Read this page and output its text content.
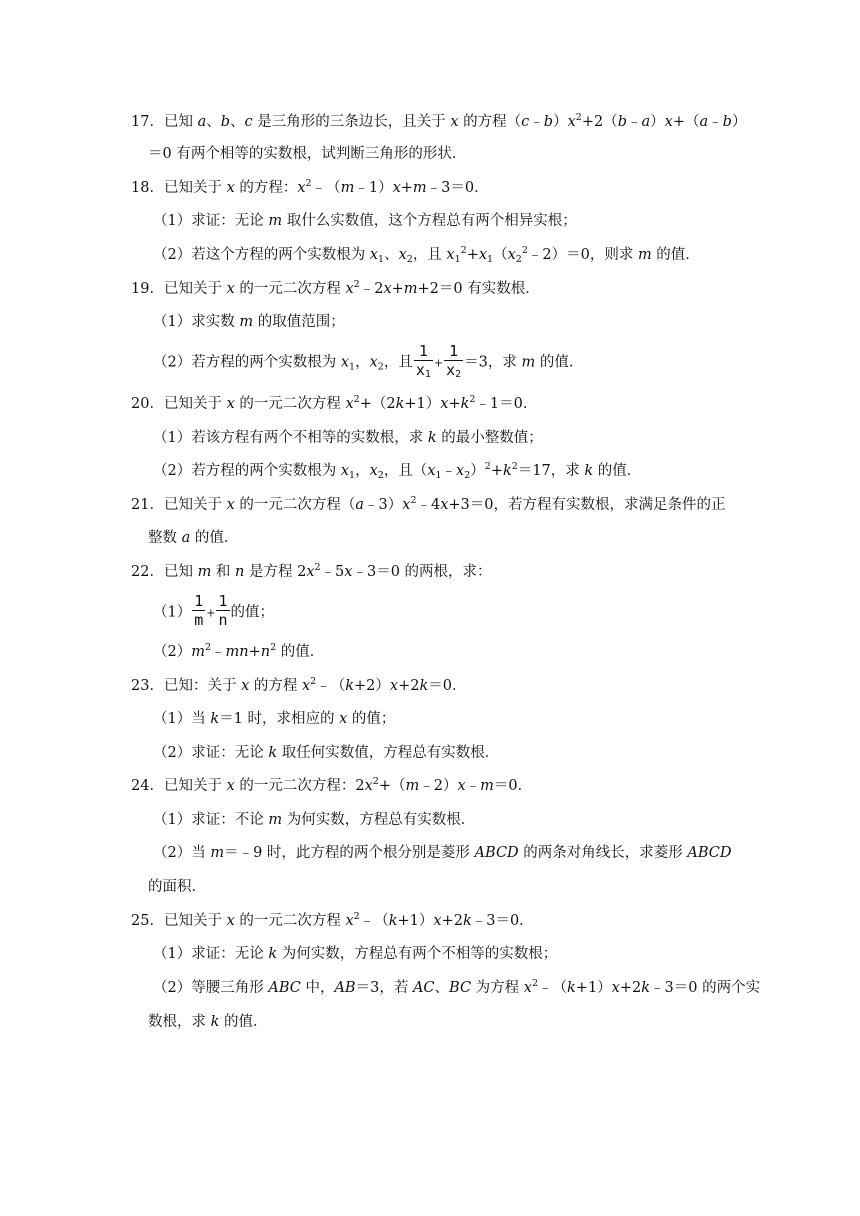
17．已知 a、b、c 是三角形的三条边长，且关于 x 的方程$(c﹣b)x^2+2(b﹣a)x+(a﹣b)$
＝0 有两个相等的实数根，试判断三角形的形状．
18．已知关于 x 的方程：$x^2﹣(m﹣1)x+m﹣3=0$．
（1）求证：无论 m 取什么实数值，这个方程总有两个相异实根；
（2）若这个方程的两个实数根为 $x_1$、$x_2$，且 $x_1^2+x_1(x_2^2﹣2)=0$，则求 m 的值．
19．已知关于 x 的一元二次方程 $x^2﹣2x+m+2=0$ 有实数根．
（1）求实数 m 的取值范围；
（2）若方程的两个实数根为 $x_1$，$x_2$，且 $\frac{1}{x_1} + \frac{1}{x_2} =3$，求 m 的值．
20．已知关于 x 的一元二次方程 $x^2+(2k+1)x+k^2﹣1=0$．
（1）若该方程有两个不相等的实数根，求 k 的最小整数值；
（2）若方程的两个实数根为 $x_1$，$x_2$，且$(x_1﹣x_2)^2+k^2=17$，求 k 的值．
21．已知关于 x 的一元二次方程$(a﹣3)x^2﹣4x+3=0$，若方程有实数根，求满足条件的正
整数 a 的值．
22．已知 m 和 n 是方程 $2x^2﹣5x﹣3=0$ 的两根，求：
$(1) \frac{1}{m} + \frac{1}{n}$ 的值；
$(2)m^2﹣mn+n^2$ 的值．
23．已知：关于 x 的方程 $x^2﹣(k+2)x+2k=0$．
（1）当 k＝1 时，求相应的 x 的值；
（2）求证：无论 k 取任何实数值，方程总有实数根．
24．已知关于 x 的一元二次方程：$2x^2+(m﹣2)x﹣m=0$．
（1）求证：不论 m 为何实数，方程总有实数根．
（2）当 m＝﹣9 时，此方程的两个根分别是菱形 ABCD 的两条对角线长，求菱形 ABCD
的面积．
25．已知关于 x 的一元二次方程 $x^2﹣(k+1)x+2k﹣3=0$．
（1）求证：无论 k 为何实数，方程总有两个不相等的实数根；
（2）等腰三角形 ABC 中，AB＝3，若 AC、BC 为方程 $x^2﹣(k+1)x+2k﹣3=0$ 的两个实
数根，求 k 的值．
